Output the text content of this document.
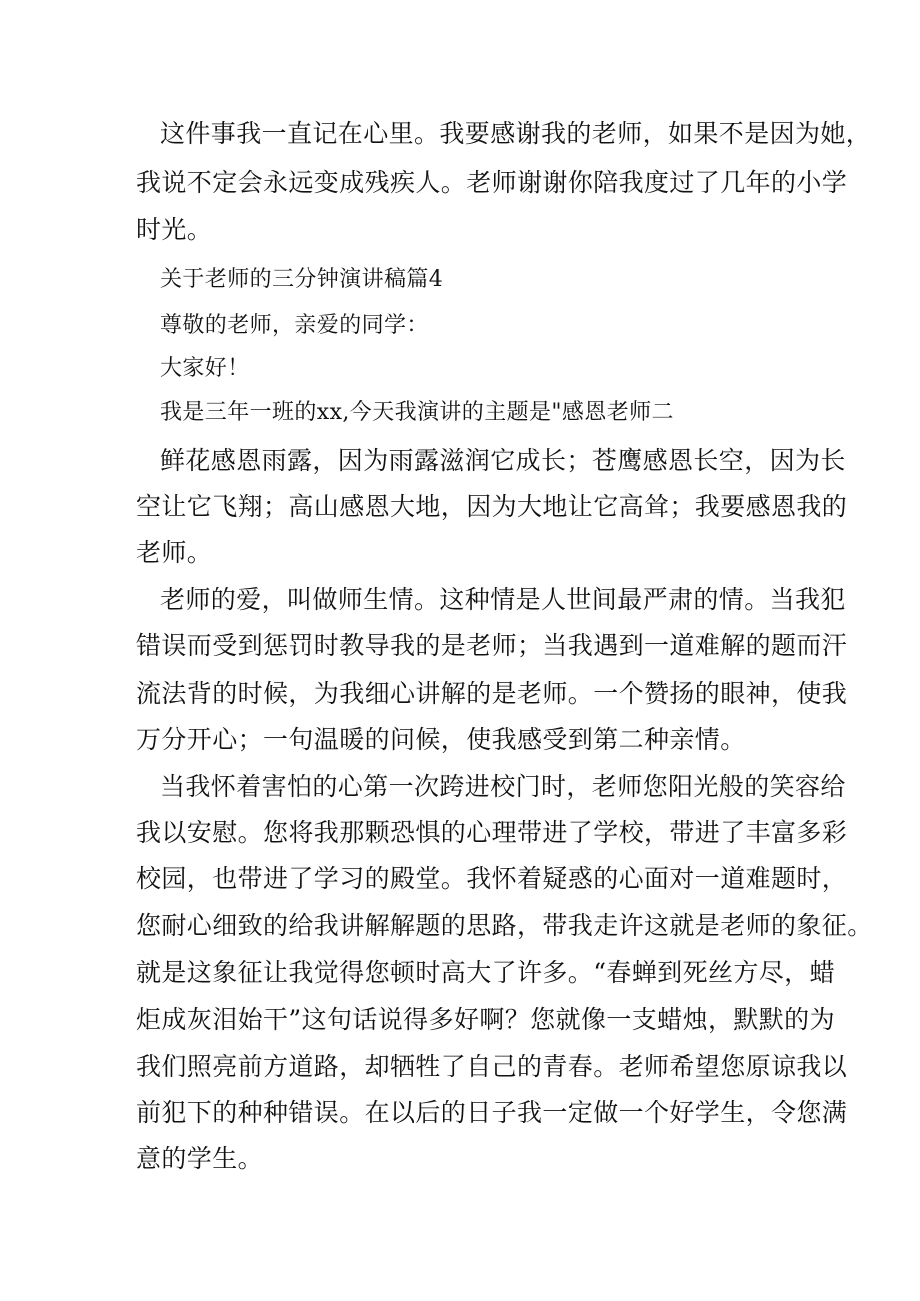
这件事我一直记在心里。我要感谢我的老师，如果不是因为她，
我说不定会永远变成残疾人。老师谢谢你陪我度过了几年的小学
时光。
关于老师的三分钟演讲稿篇4
尊敬的老师，亲爱的同学：
大家好！
我是三年一班的xx,今天我演讲的主题是"感恩老师二
鲜花感恩雨露，因为雨露滋润它成长；苍鹰感恩长空，因为长
空让它飞翔；高山感恩大地，因为大地让它高耸；我要感恩我的
老师。
老师的爱，叫做师生情。这种情是人世间最严肃的情。当我犯
错误而受到惩罚时教导我的是老师；当我遇到一道难解的题而汗
流法背的时候，为我细心讲解的是老师。一个赞扬的眼神，使我
万分开心；一句温暖的问候，使我感受到第二种亲情。
当我怀着害怕的心第一次跨进校门时，老师您阳光般的笑容给
我以安慰。您将我那颗恐惧的心理带进了学校，带进了丰富多彩
校园，也带进了学习的殿堂。我怀着疑惑的心面对一道难题时，
您耐心细致的给我讲解解题的思路，带我走许这就是老师的象征。
就是这象征让我觉得您顿时高大了许多。“春蝉到死丝方尽，蜡
炬成灰泪始干”这句话说得多好啊？您就像一支蜡烛，默默的为
我们照亮前方道路，却牺牲了自己的青春。老师希望您原谅我以
前犯下的种种错误。在以后的日子我一定做一个好学生，令您满
意的学生。
